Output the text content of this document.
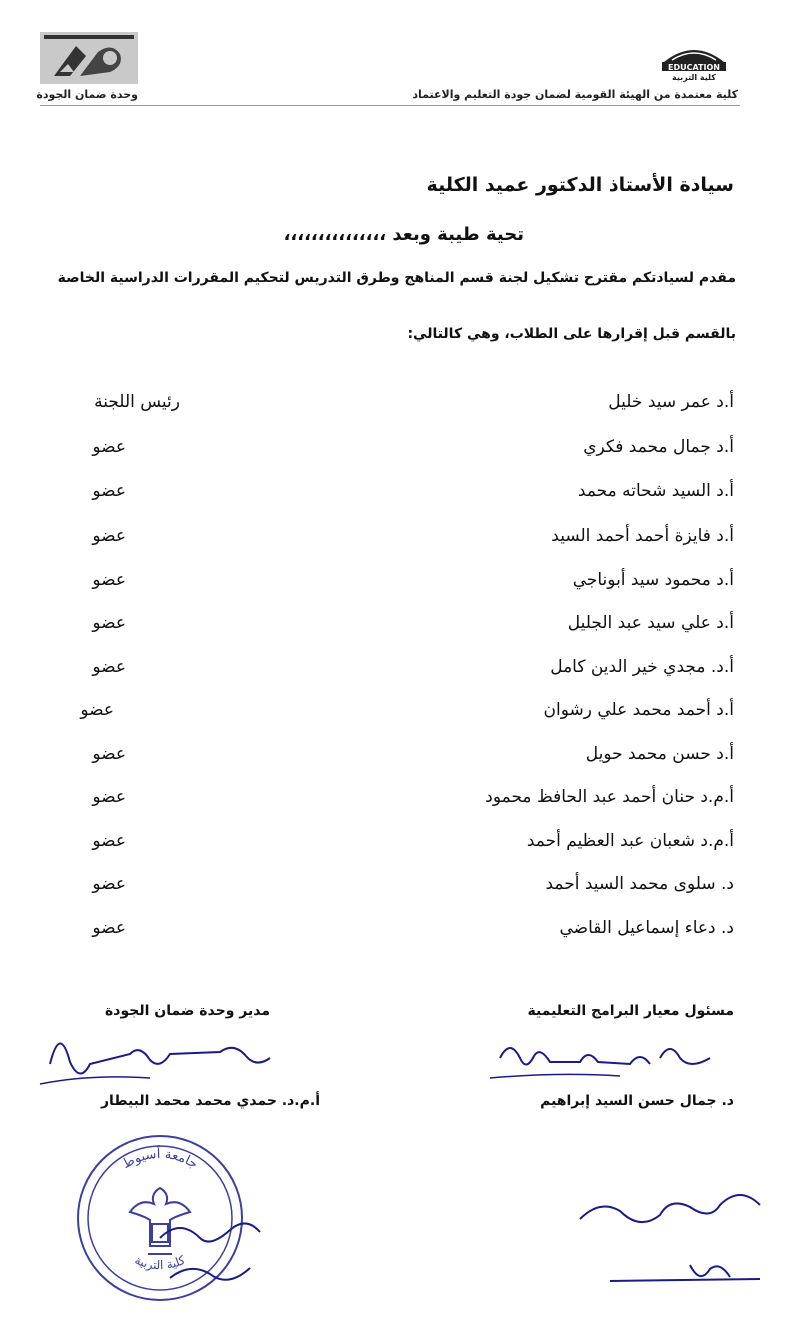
وحدة ضمان الجودة
EDUCATION
كلية التربية
كلية معتمدة من الهيئة القومية لضمان جودة التعليم والاعتماد
سيادة الأستاذ الدكتور عميد الكلية
تحية طيبة وبعد ،،،،،،،،،،،،،،،
مقدم لسيادتكم مقترح تشكيل لجنة قسم المناهج وطرق التدريس لتحكيم المقررات الدراسية الخاصة
بالقسم قبل إقرارها على الطلاب، وهي كالتالي:
أ.د عمر سيد خليل
رئيس اللجنة
أ.د جمال محمد فكري
عضو
أ.د السيد شحاته محمد
عضو
أ.د فايزة أحمد أحمد السيد
عضو
أ.د محمود سيد أبوناجي
عضو
أ.د علي سيد عبد الجليل
عضو
أ.د. مجدي خير الدين كامل
عضو
أ.د أحمد محمد علي رشوان
عضو
أ.د حسن محمد حويل
عضو
أ.م.د حنان أحمد عبد الحافظ محمود
عضو
أ.م.د شعبان عبد العظيم أحمد
عضو
د. سلوى محمد السيد أحمد
عضو
د. دعاء إسماعيل القاضي
عضو
مسئول معيار البرامج التعليمية
مدير وحدة ضمان الجودة
د. جمال حسن السيد إبراهيم
أ.م.د. حمدي محمد محمد البيطار
جامعة أسيوط
كلية التربية
